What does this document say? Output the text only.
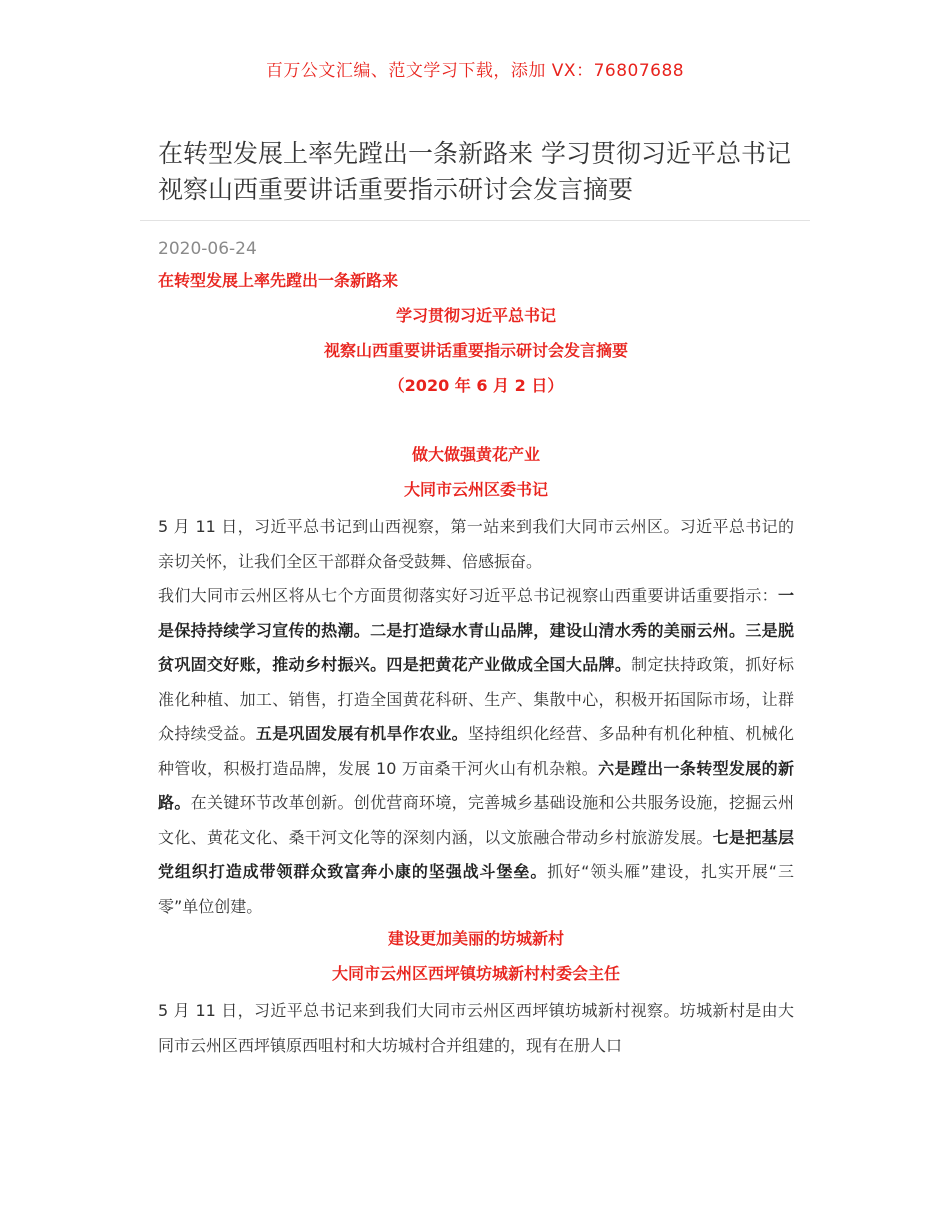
百万公文汇编、范文学习下载，添加 VX：76807688
在转型发展上率先蹚出一条新路来 学习贯彻习近平总书记视察山西重要讲话重要指示研讨会发言摘要
2020-06-24
在转型发展上率先蹚出一条新路来
学习贯彻习近平总书记
视察山西重要讲话重要指示研讨会发言摘要
（2020 年 6 月 2 日）
做大做强黄花产业
大同市云州区委书记

5 月 11 日，习近平总书记到山西视察，第一站来到我们大同市云州区。习近平总书记的亲切关怀，让我们全区干部群众备受鼓舞、倍感振奋。

我们大同市云州区将从七个方面贯彻落实好习近平总书记视察山西重要讲话重要指示：一是保持持续学习宣传的热潮。二是打造绿水青山品牌，建设山清水秀的美丽云州。三是脱贫巩固交好账，推动乡村振兴。四是把黄花产业做成全国大品牌。制定扶持政策，抓好标准化种植、加工、销售，打造全国黄花科研、生产、集散中心，积极开拓国际市场，让群众持续受益。五是巩固发展有机旱作农业。坚持组织化经营、多品种有机化种植、机械化种管收，积极打造品牌，发展 10 万亩桑干河火山有机杂粮。六是蹚出一条转型发展的新路。在关键环节改革创新。创优营商环境，完善城乡基础设施和公共服务设施，挖掘云州文化、黄花文化、桑干河文化等的深刻内涵，以文旅融合带动乡村旅游发展。七是把基层党组织打造成带领群众致富奔小康的坚强战斗堡垒。抓好“领头雁”建设，扎实开展“三零”单位创建。

建设更加美丽的坊城新村
大同市云州区西坪镇坊城新村村委会主任

5 月 11 日，习近平总书记来到我们大同市云州区西坪镇坊城新村视察。坊城新村是由大同市云州区西坪镇原西咀村和大坊城村合并组建的，现有在册人口
